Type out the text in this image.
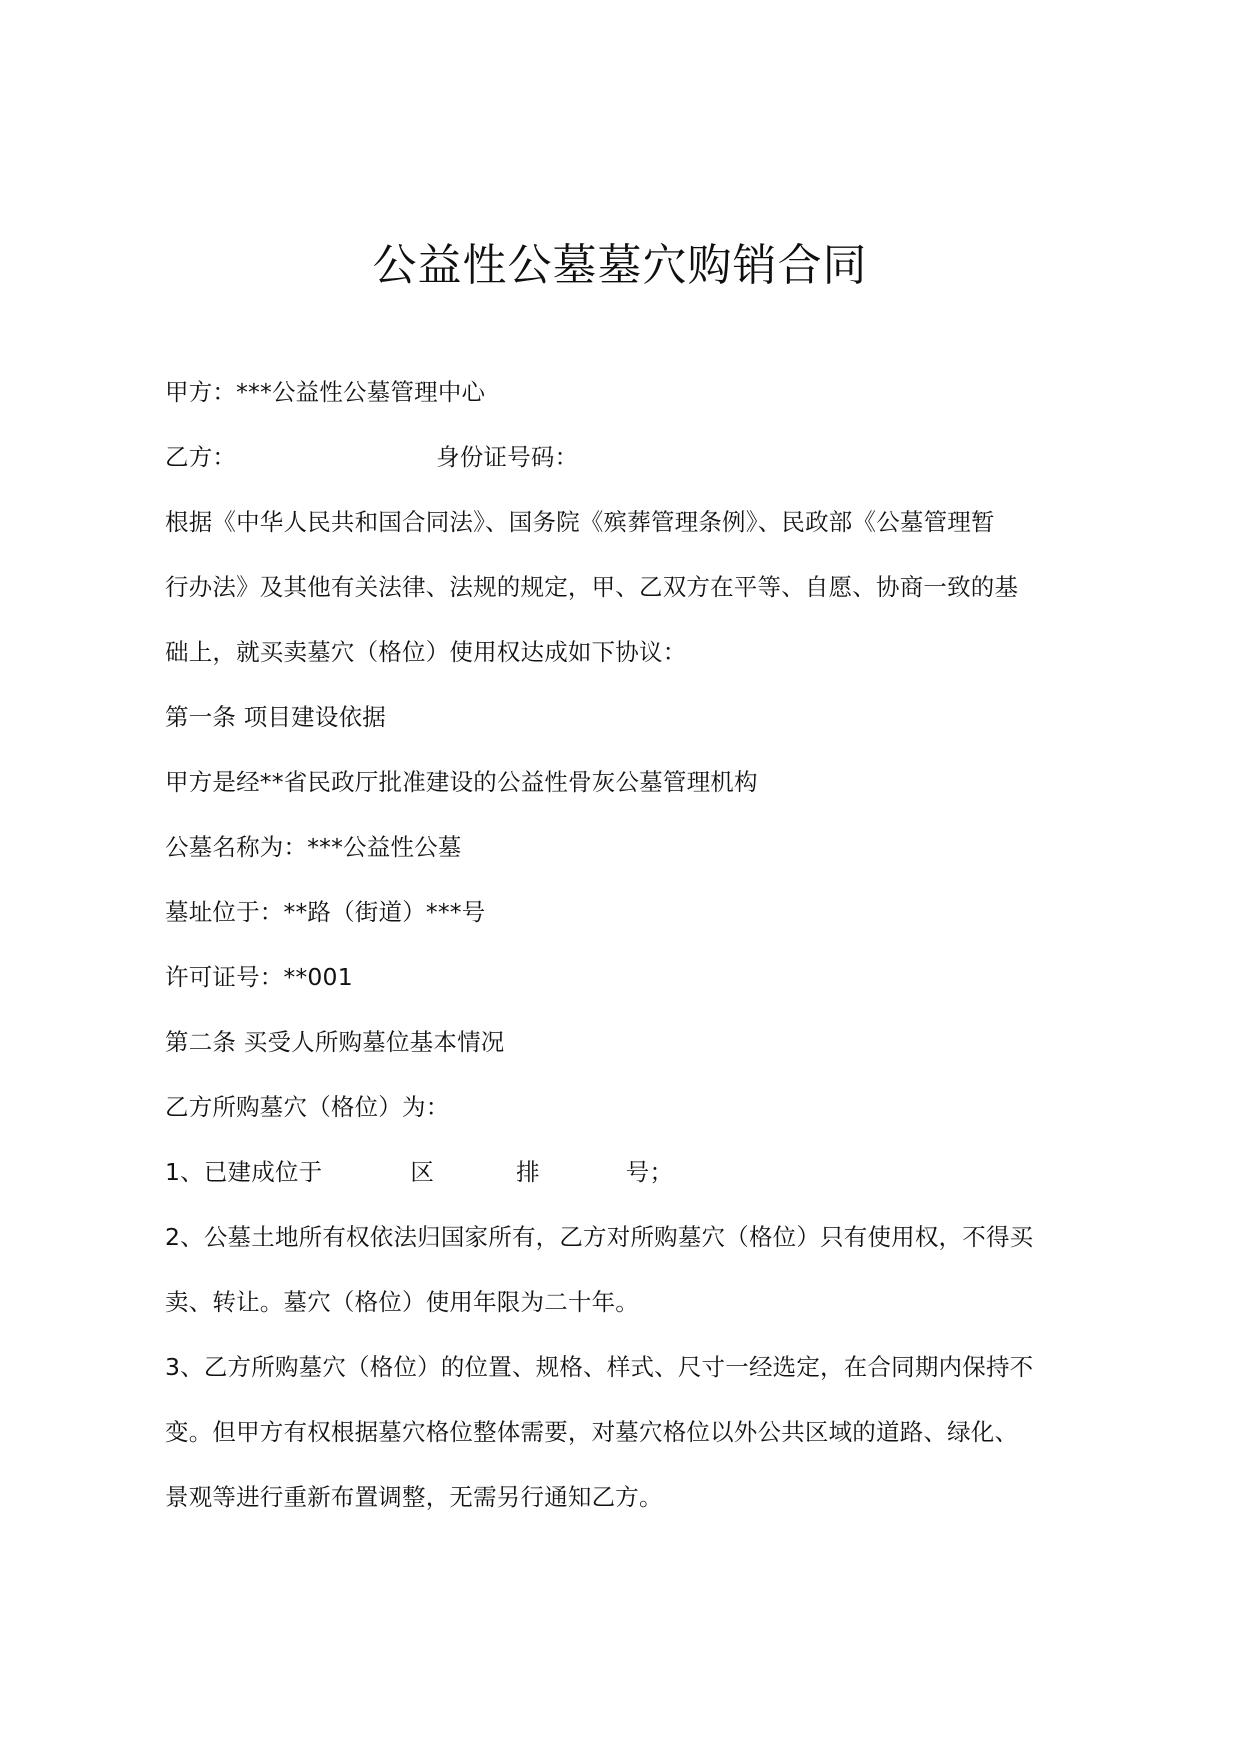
公益性公墓墓穴购销合同
甲方：***公益性公墓管理中心
乙方：	身份证号码：
根据《中华人民共和国合同法》、国务院《殡葬管理条例》、民政部《公墓管理暂
行办法》及其他有关法律、法规的规定，甲、乙双方在平等、自愿、协商一致的基
础上，就买卖墓穴（格位）使用权达成如下协议：
第一条 项目建设依据
甲方是经**省民政厅批准建设的公益性骨灰公墓管理机构
公墓名称为：***公益性公墓
墓址位于：**路（街道）***号
许可证号：**001
第二条 买受人所购墓位基本情况
乙方所购墓穴（格位）为：
1、已建成位于	区	排	号；
2、公墓土地所有权依法归国家所有，乙方对所购墓穴（格位）只有使用权，不得买
卖、转让。墓穴（格位）使用年限为二十年。
3、乙方所购墓穴（格位）的位置、规格、样式、尺寸一经选定，在合同期内保持不
变。但甲方有权根据墓穴格位整体需要，对墓穴格位以外公共区域的道路、绿化、
景观等进行重新布置调整，无需另行通知乙方。
